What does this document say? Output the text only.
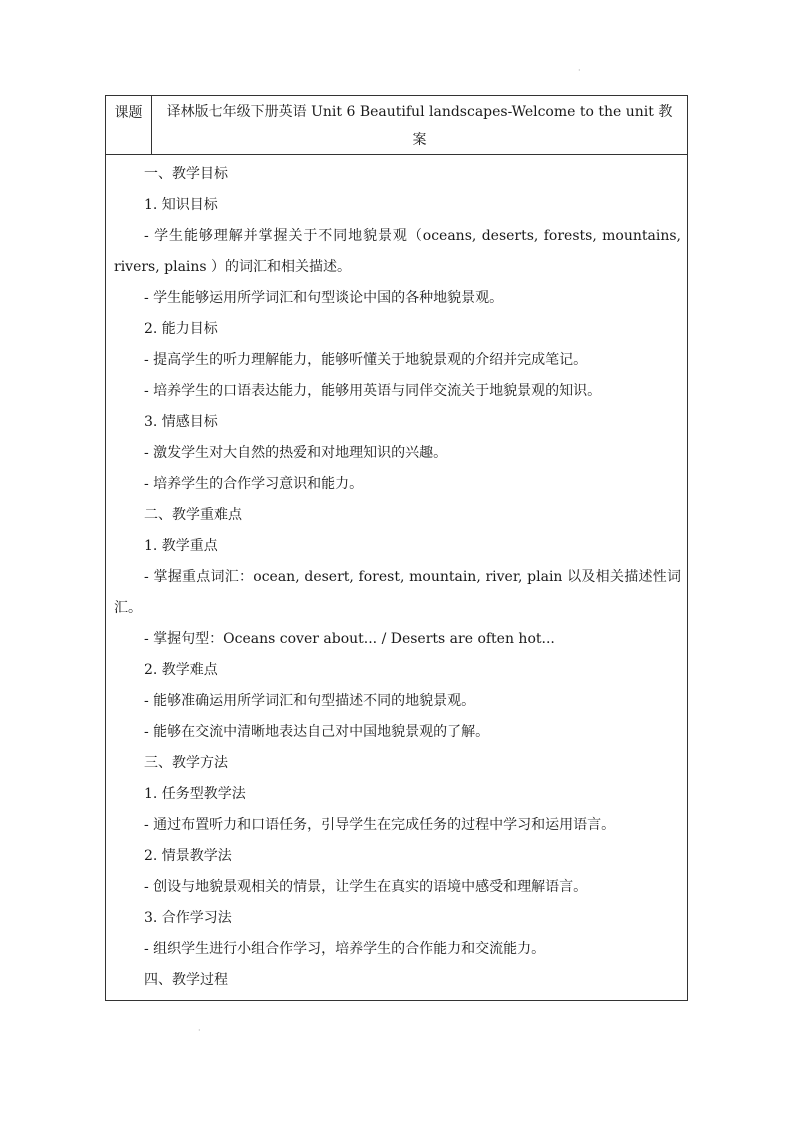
·
·
课题	译林版七年级下册英语 Unit 6 Beautiful landscapes-Welcome to the unit 教
案

一、教学目标
1. 知识目标
- 学生能够理解并掌握关于不同地貌景观（oceans, deserts, forests, mountains,
rivers, plains ）的词汇和相关描述。
- 学生能够运用所学词汇和句型谈论中国的各种地貌景观。
2. 能力目标
- 提高学生的听力理解能力，能够听懂关于地貌景观的介绍并完成笔记。
- 培养学生的口语表达能力，能够用英语与同伴交流关于地貌景观的知识。
3. 情感目标
- 激发学生对大自然的热爱和对地理知识的兴趣。
- 培养学生的合作学习意识和能力。
二、教学重难点
1. 教学重点
- 掌握重点词汇：ocean, desert, forest, mountain, river, plain 以及相关描述性词
汇。
- 掌握句型：Oceans cover about... / Deserts are often hot...
2. 教学难点
- 能够准确运用所学词汇和句型描述不同的地貌景观。
- 能够在交流中清晰地表达自己对中国地貌景观的了解。
三、教学方法
1. 任务型教学法
- 通过布置听力和口语任务，引导学生在完成任务的过程中学习和运用语言。
2. 情景教学法
- 创设与地貌景观相关的情景，让学生在真实的语境中感受和理解语言。
3. 合作学习法
- 组织学生进行小组合作学习，培养学生的合作能力和交流能力。
四、教学过程
